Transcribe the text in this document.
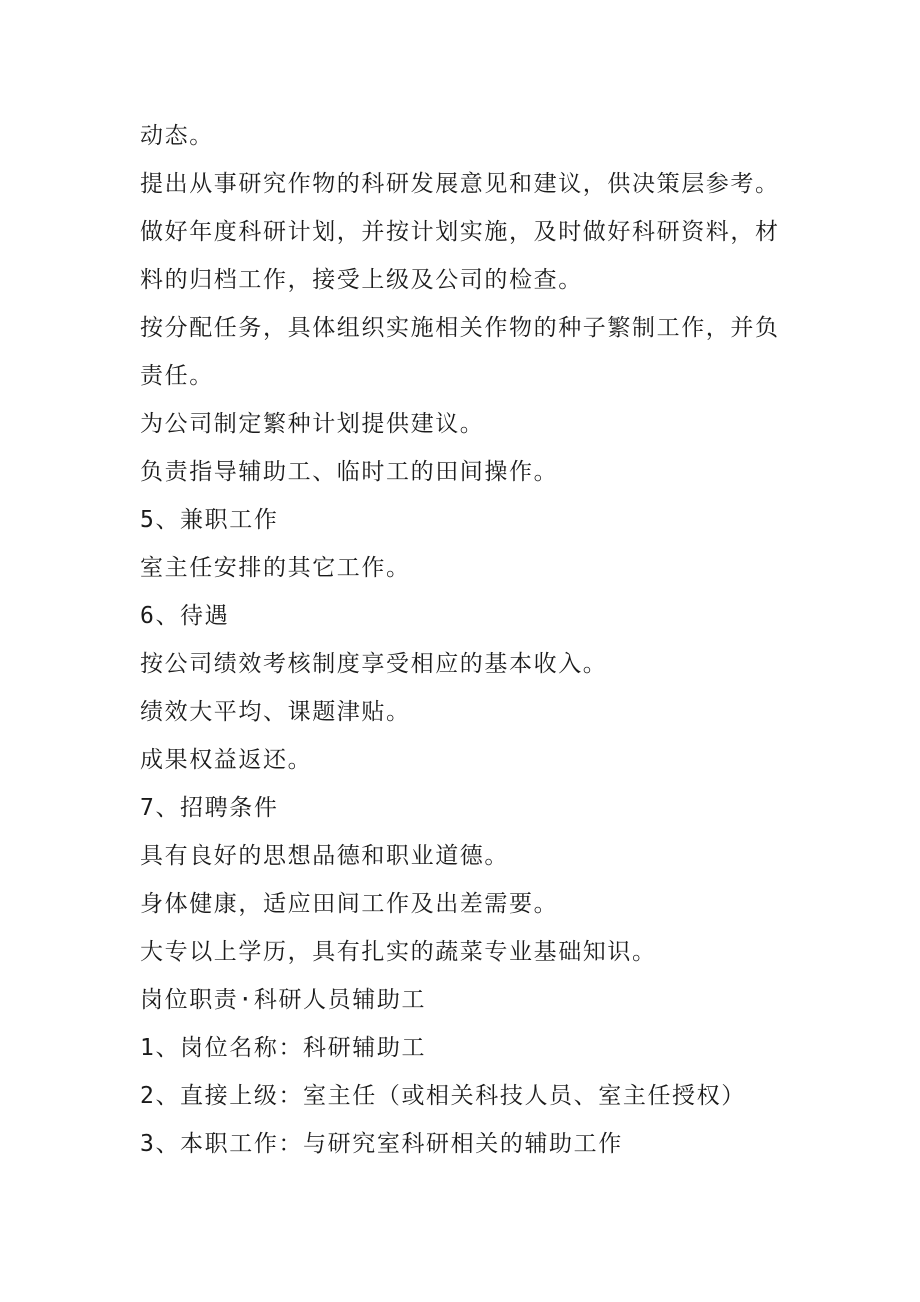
动态。
提出从事研究作物的科研发展意见和建议，供决策层参考。
做好年度科研计划，并按计划实施，及时做好科研资料，材
料的归档工作，接受上级及公司的检查。
按分配任务，具体组织实施相关作物的种子繁制工作，并负
责任。
为公司制定繁种计划提供建议。
负责指导辅助工、临时工的田间操作。
5、兼职工作
室主任安排的其它工作。
6、待遇
按公司绩效考核制度享受相应的基本收入。
绩效大平均、课题津贴。
成果权益返还。
7、招聘条件
具有良好的思想品德和职业道德。
身体健康，适应田间工作及出差需要。
大专以上学历，具有扎实的蔬菜专业基础知识。
岗位职责·科研人员辅助工
1、岗位名称：科研辅助工
2、直接上级：室主任（或相关科技人员、室主任授权）
3、本职工作：与研究室科研相关的辅助工作
